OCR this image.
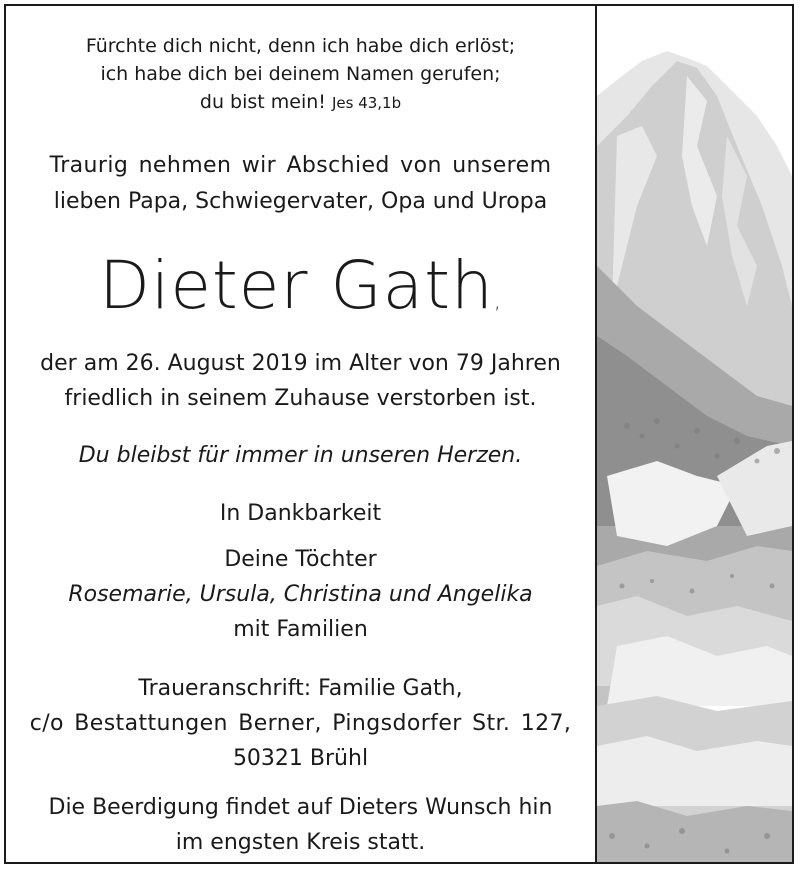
Fürchte dich nicht, denn ich habe dich erlöst;
ich habe dich bei deinem Namen gerufen;
du bist mein! Jes 43,1b
Traurig nehmen wir Abschied von unserem
lieben Papa, Schwiegervater, Opa und Uropa
Dieter Gath,
der am 26. August 2019 im Alter von 79 Jahren
friedlich in seinem Zuhause verstorben ist.
Du bleibst für immer in unseren Herzen.
In Dankbarkeit
Deine Töchter
Rosemarie, Ursula, Christina und Angelika
mit Familien
Traueranschrift: Familie Gath,
c/o Bestattungen Berner, Pingsdorfer Str. 127,
50321 Brühl
Die Beerdigung findet auf Dieters Wunsch hin
im engsten Kreis statt.
